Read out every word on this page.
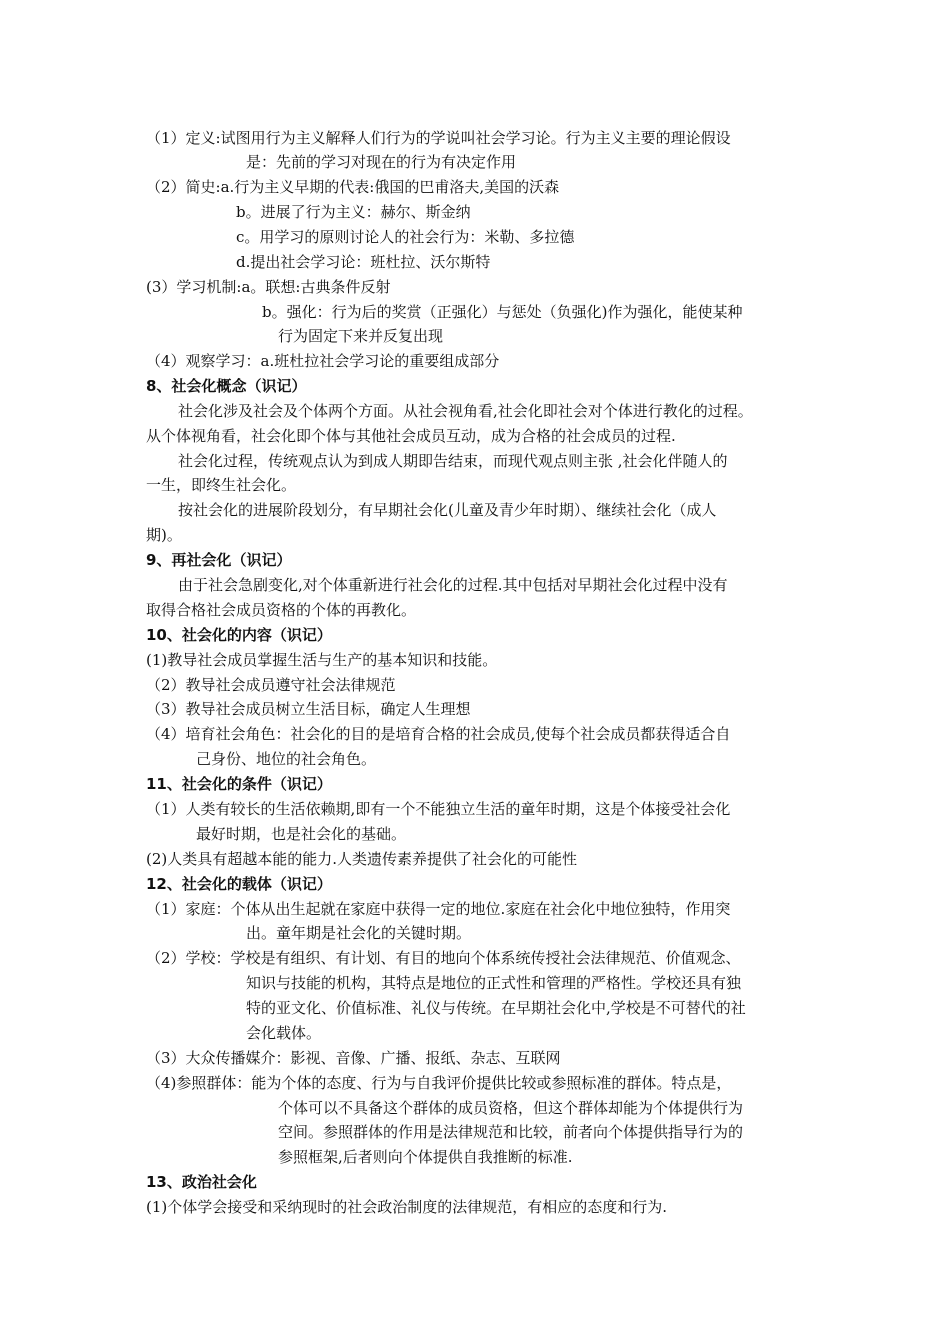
（1）定义:试图用行为主义解释人们行为的学说叫社会学习论。行为主义主要的理论假设
是：先前的学习对现在的行为有决定作用
（2）简史:a.行为主义早期的代表:俄国的巴甫洛夫,美国的沃森
b。进展了行为主义：赫尔、斯金纳
c。用学习的原则讨论人的社会行为：米勒、多拉德
d.提出社会学习论：班杜拉、沃尔斯特
(3）学习机制:a。联想:古典条件反射
b。强化：行为后的奖赏（正强化）与惩处（负强化)作为强化，能使某种
行为固定下来并反复出现
（4）观察学习：a.班杜拉社会学习论的重要组成部分
8、社会化概念（识记）
社会化涉及社会及个体两个方面。从社会视角看,社会化即社会对个体进行教化的过程。
从个体视角看，社会化即个体与其他社会成员互动，成为合格的社会成员的过程.
社会化过程，传统观点认为到成人期即告结束，而现代观点则主张 ,社会化伴随人的
一生，即终生社会化。
按社会化的进展阶段划分，有早期社会化(儿童及青少年时期）、继续社会化（成人
期)。
9、再社会化（识记）
由于社会急剧变化,对个体重新进行社会化的过程.其中包括对早期社会化过程中没有
取得合格社会成员资格的个体的再教化。
10、社会化的内容（识记）
(1)教导社会成员掌握生活与生产的基本知识和技能。
（2）教导社会成员遵守社会法律规范
（3）教导社会成员树立生活目标，确定人生理想
（4）培育社会角色：社会化的目的是培育合格的社会成员,使每个社会成员都获得适合自
己身份、地位的社会角色。
11、社会化的条件（识记）
（1）人类有较长的生活依赖期,即有一个不能独立生活的童年时期，这是个体接受社会化
最好时期，也是社会化的基础。
(2)人类具有超越本能的能力.人类遗传素养提供了社会化的可能性
12、社会化的载体（识记）
（1）家庭：个体从出生起就在家庭中获得一定的地位.家庭在社会化中地位独特，作用突
出。童年期是社会化的关键时期。
（2）学校：学校是有组织、有计划、有目的地向个体系统传授社会法律规范、价值观念、
知识与技能的机构，其特点是地位的正式性和管理的严格性。学校还具有独
特的亚文化、价值标准、礼仪与传统。在早期社会化中,学校是不可替代的社
会化载体。
（3）大众传播媒介：影视、音像、广播、报纸、杂志、互联网
（4)参照群体：能为个体的态度、行为与自我评价提供比较或参照标准的群体。特点是，
个体可以不具备这个群体的成员资格，但这个群体却能为个体提供行为
空间。参照群体的作用是法律规范和比较，前者向个体提供指导行为的
参照框架,后者则向个体提供自我推断的标准.
13、政治社会化
(1)个体学会接受和采纳现时的社会政治制度的法律规范，有相应的态度和行为.
